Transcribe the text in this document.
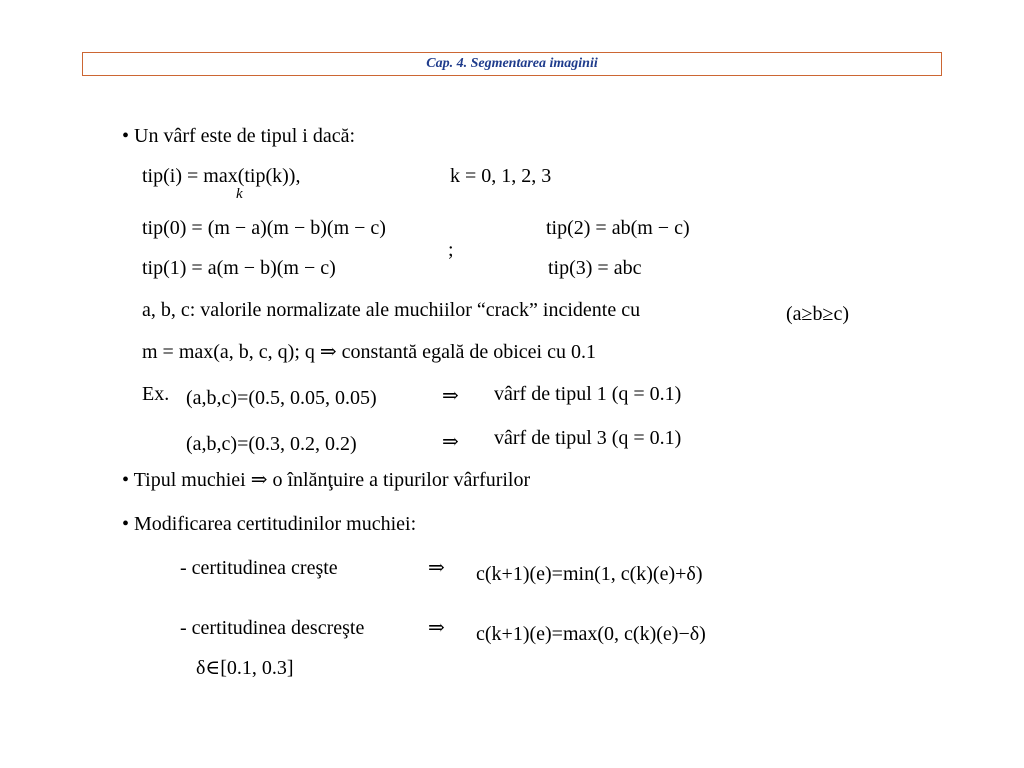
Cap. 4. Segmentarea imaginii
• Un vârf este de tipul i dacă:
tip(i) = max(tip(k)),
k
k = 0, 1, 2, 3
tip(0) = (m − a)(m − b)(m − c)
tip(1) = a(m − b)(m − c)
;
tip(2) = ab(m − c)
tip(3) = abc
a, b, c: valorile normalizate ale muchiilor “crack” incidente cu	(a≥b≥c)
m = max(a, b, c, q); q ⇒ constantă egală de obicei cu 0.1
Ex. (a,b,c)=(0.5, 0.05, 0.05)	⇒ vârf de tipul 1 (q = 0.1)
(a,b,c)=(0.3, 0.2, 0.2)	⇒ vârf de tipul 3 (q = 0.1)
• Tipul muchiei ⇒ o înlănţuire a tipurilor vârfurilor
• Modificarea certitudinilor muchiei:
- certitudinea creşte	⇒ c(k+1)(e)=min(1, c(k)(e)+δ)
- certitudinea descreşte	⇒ c(k+1)(e)=max(0, c(k)(e)−δ)
δ∈[0.1, 0.3]
